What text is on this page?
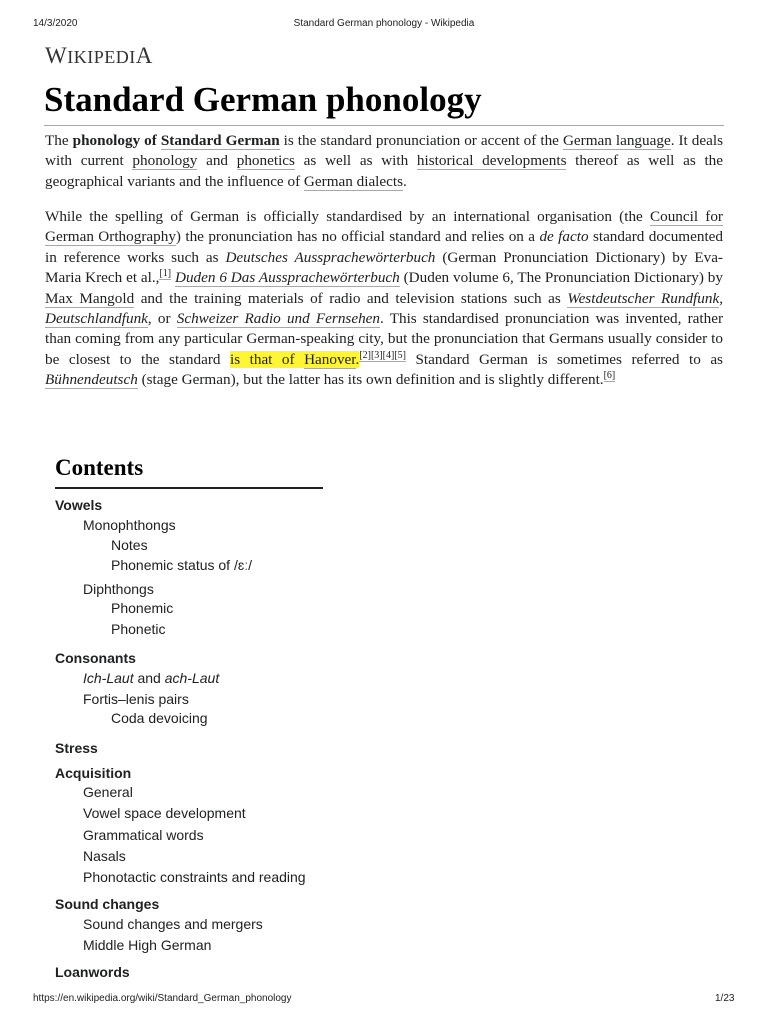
14/3/2020	Standard German phonology - Wikipedia
WIKIPEDIA
Standard German phonology

The phonology of Standard German is the standard pronunciation or accent of the German language. It deals with current phonology and phonetics as well as with historical developments thereof as well as the geographical variants and the influence of German dialects.

While the spelling of German is officially standardised by an international organisation (the Council for German Orthography) the pronunciation has no official standard and relies on a de facto standard documented in reference works such as Deutsches Aussprachewörterbuch (German Pronunciation Dictionary) by Eva-Maria Krech et al.,[1] Duden 6 Das Aussprachewörterbuch (Duden volume 6, The Pronunciation Dictionary) by Max Mangold and the training materials of radio and television stations such as Westdeutscher Rundfunk, Deutschlandfunk, or Schweizer Radio und Fernsehen. This standardised pronunciation was invented, rather than coming from any particular German-speaking city, but the pronunciation that Germans usually consider to be closest to the standard is that of Hanover.[2][3][4][5] Standard German is sometimes referred to as Bühnendeutsch (stage German), but the latter has its own definition and is slightly different.[6]

Contents
Vowels
Monophthongs
Notes
Phonemic status of /ɛː/
Diphthongs
Phonemic
Phonetic
Consonants
Ich-Laut and ach-Laut
Fortis–lenis pairs
Coda devoicing
Stress
Acquisition
General
Vowel space development
Grammatical words
Nasals
Phonotactic constraints and reading
Sound changes
Sound changes and mergers
Middle High German
Loanwords
https://en.wikipedia.org/wiki/Standard_German_phonology	1/23
